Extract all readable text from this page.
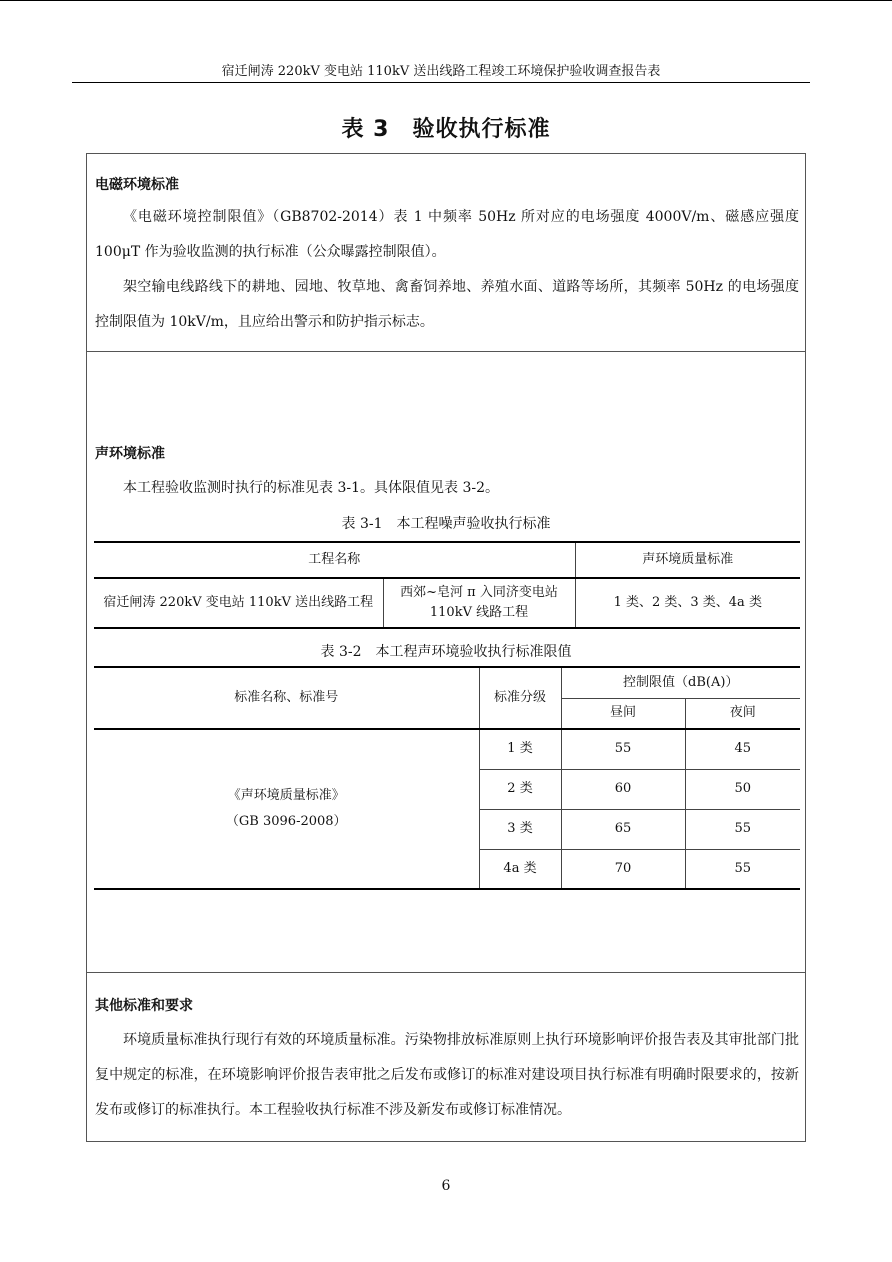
宿迁闸涛 220kV 变电站 110kV 送出线路工程竣工环境保护验收调查报告表
表 3　验收执行标准
电磁环境标准

《电磁环境控制限值》（GB8702-2014）表 1 中频率 50Hz 所对应的电场强度 4000V/m、磁感应强度 100μT 作为验收监测的执行标准（公众曝露控制限值）。

架空输电线路线下的耕地、园地、牧草地、禽畜饲养地、养殖水面、道路等场所，其频率 50Hz 的电场强度控制限值为 10kV/m，且应给出警示和防护指示标志。

声环境标准

本工程验收监测时执行的标准见表 3-1。具体限值见表 3-2。

表 3-1　本工程噪声验收执行标准
工程名称		声环境质量标准
宿迁闸涛 220kV 变电站 110kV 送出线路工程	西郊~皂河 π 入同济变电站 110kV 线路工程	1 类、2 类、3 类、4a 类
表 3-2　本工程声环境验收执行标准限值
标准名称、标准号	标准分级	控制限值（dB(A)）	
		昼间	夜间

《声环境质量标准》
（GB 3096-2008）	1 类	55	45
	2 类	60	50
	3 类	65	55
	4a 类	70	55
其他标准和要求

环境质量标准执行现行有效的环境质量标准。污染物排放标准原则上执行环境影响评价报告表及其审批部门批复中规定的标准，在环境影响评价报告表审批之后发布或修订的标准对建设项目执行标准有明确时限要求的，按新发布或修订的标准执行。本工程验收执行标准不涉及新发布或修订标准情况。

6
